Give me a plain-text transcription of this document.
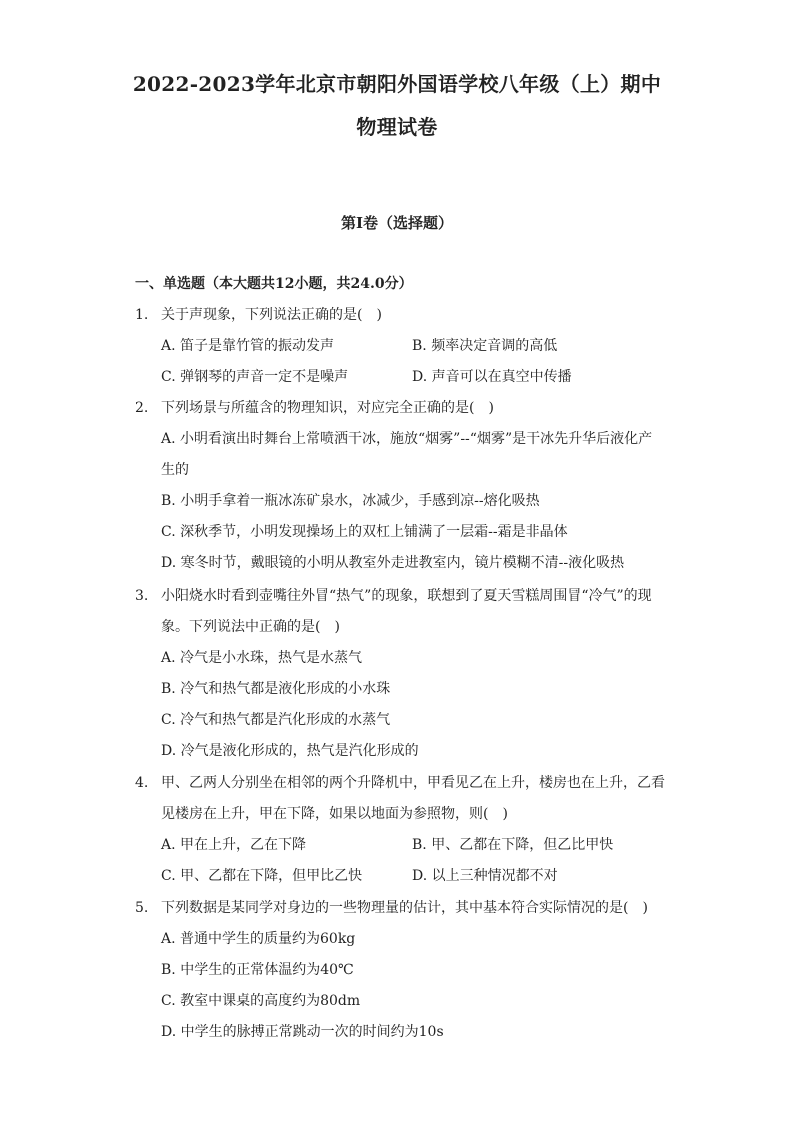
2022-2023学年北京市朝阳外国语学校八年级（上）期中
物理试卷
第I卷（选择题）
一、单选题（本大题共12小题，共24.0分）
1. 关于声现象，下列说法正确的是(　)
A. 笛子是靠竹管的振动发声	B. 频率决定音调的高低
C. 弹钢琴的声音一定不是噪声	D. 声音可以在真空中传播
2. 下列场景与所蕴含的物理知识，对应完全正确的是(　)
A. 小明看演出时舞台上常喷洒干冰，施放“烟雾”--“烟雾”是干冰先升华后液化产生的
B. 小明手拿着一瓶冰冻矿泉水，冰减少，手感到凉--熔化吸热
C. 深秋季节，小明发现操场上的双杠上铺满了一层霜--霜是非晶体
D. 寒冬时节，戴眼镜的小明从教室外走进教室内，镜片模糊不清--液化吸热
3. 小阳烧水时看到壶嘴往外冒“热气”的现象，联想到了夏天雪糕周围冒“冷气”的现象。下列说法中正确的是(　)
A. 冷气是小水珠，热气是水蒸气
B. 冷气和热气都是液化形成的小水珠
C. 冷气和热气都是汽化形成的水蒸气
D. 冷气是液化形成的，热气是汽化形成的
4. 甲、乙两人分别坐在相邻的两个升降机中，甲看见乙在上升，楼房也在上升，乙看见楼房在上升，甲在下降，如果以地面为参照物，则(　)
A. 甲在上升，乙在下降	B. 甲、乙都在下降，但乙比甲快
C. 甲、乙都在下降，但甲比乙快	D. 以上三种情况都不对
5. 下列数据是某同学对身边的一些物理量的估计，其中基本符合实际情况的是(　)
A. 普通中学生的质量约为60kg
B. 中学生的正常体温约为40℃
C. 教室中课桌的高度约为80dm
D. 中学生的脉搏正常跳动一次的时间约为10s
